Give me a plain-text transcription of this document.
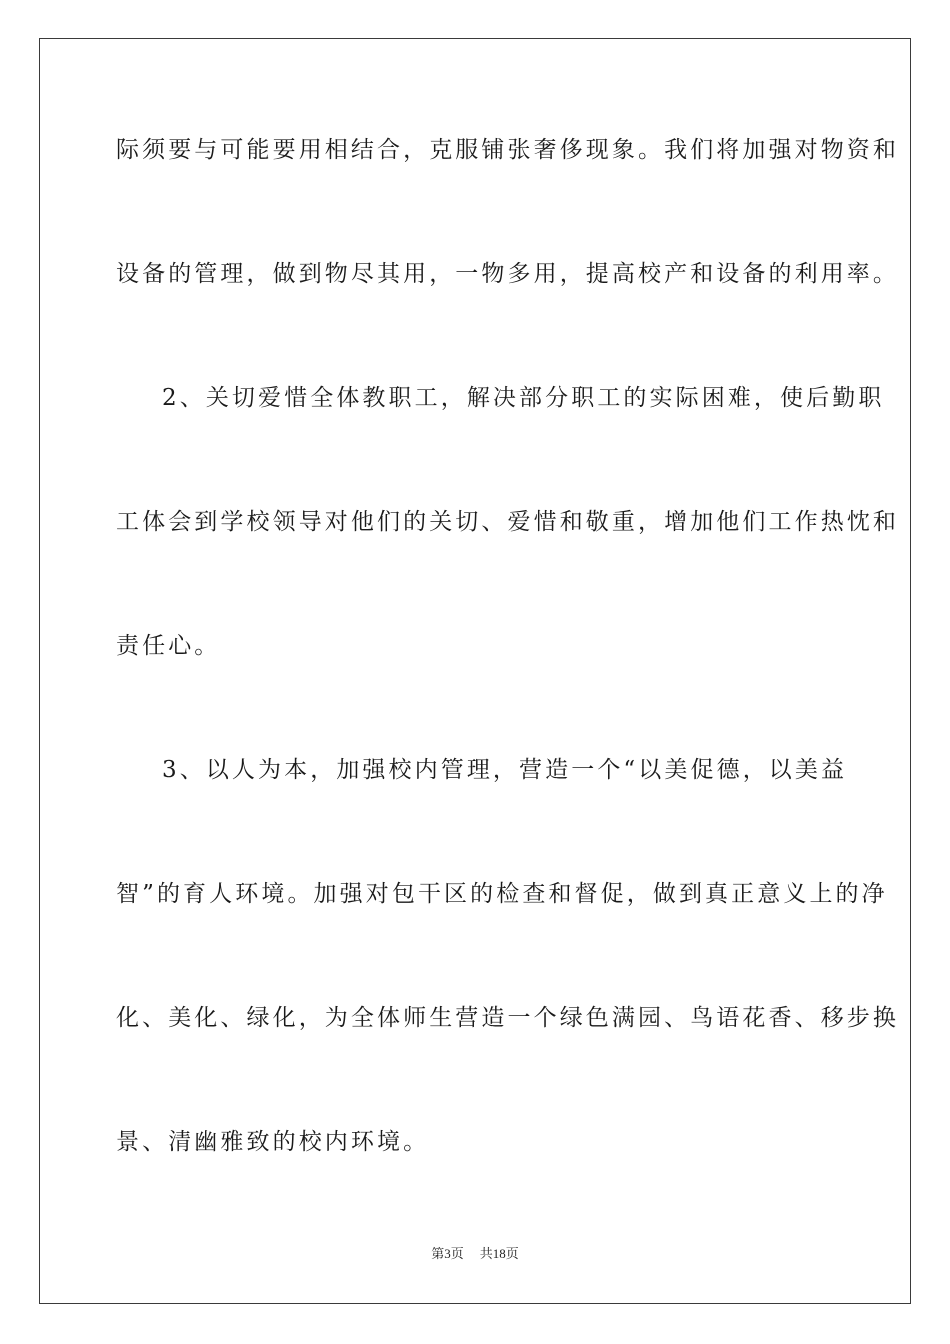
际须要与可能要用相结合，克服铺张奢侈现象。我们将加强对物资和
设备的管理，做到物尽其用，一物多用，提高校产和设备的利用率。
2、关切爱惜全体教职工，解决部分职工的实际困难，使后勤职
工体会到学校领导对他们的关切、爱惜和敬重，增加他们工作热忱和
责任心。
3、以人为本，加强校内管理，营造一个“以美促德，以美益
智”的育人环境。加强对包干区的检查和督促，做到真正意义上的净
化、美化、绿化，为全体师生营造一个绿色满园、鸟语花香、移步换
景、清幽雅致的校内环境。
第3页 共18页
